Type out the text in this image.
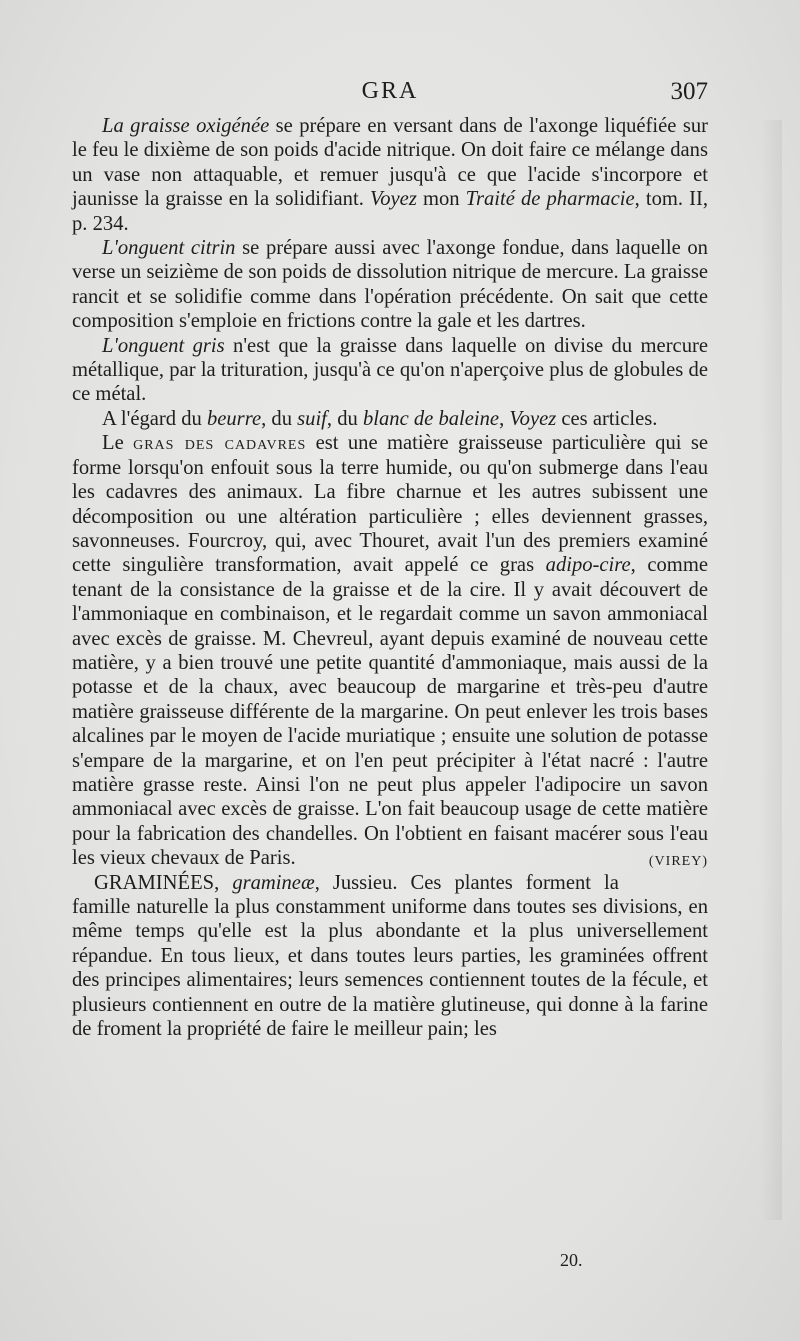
GRA	307

La graisse oxigénée se prépare en versant dans de l'axonge liquéfiée sur le feu le dixième de son poids d'acide nitrique. On doit faire ce mélange dans un vase non attaquable, et remuer jusqu'à ce que l'acide s'incorpore et jaunisse la graisse en la solidifiant. Voyez mon Traité de pharmacie, tom. II, p. 234.

L'onguent citrin se prépare aussi avec l'axonge fondue, dans laquelle on verse un seizième de son poids de dissolution nitrique de mercure. La graisse rancit et se solidifie comme dans l'opération précédente. On sait que cette composition s'emploie en frictions contre la gale et les dartres.

L'onguent gris n'est que la graisse dans laquelle on divise du mercure métallique, par la trituration, jusqu'à ce qu'on n'aperçoive plus de globules de ce métal.

A l'égard du beurre, du suif, du blanc de baleine, Voyez ces articles.

Le gras des cadavres est une matière graisseuse particulière qui se forme lorsqu'on enfouit sous la terre humide, ou qu'on submerge dans l'eau les cadavres des animaux. La fibre charnue et les autres subissent une décomposition ou une altération particulière ; elles deviennent grasses, savonneuses. Fourcroy, qui, avec Thouret, avait l'un des premiers examiné cette singulière transformation, avait appelé ce gras adipo-cire, comme tenant de la consistance de la graisse et de la cire. Il y avait découvert de l'ammoniaque en combinaison, et le regardait comme un savon ammoniacal avec excès de graisse. M. Chevreul, ayant depuis examiné de nouveau cette matière, y a bien trouvé une petite quantité d'ammoniaque, mais aussi de la potasse et de la chaux, avec beaucoup de margarine et très-peu d'autre matière graisseuse différente de la margarine. On peut enlever les trois bases alcalines par le moyen de l'acide muriatique ; ensuite une solution de potasse s'empare de la margarine, et on l'en peut précipiter à l'état nacré : l'autre matière grasse reste. Ainsi l'on ne peut plus appeler l'adipocire un savon ammoniacal avec excès de graisse. L'on fait beaucoup usage de cette matière pour la fabrication des chandelles. On l'obtient en faisant macérer sous l'eau les vieux chevaux de Paris.	(VIREY)

GRAMINÉES, gramineæ, Jussieu. Ces plantes forment la famille naturelle la plus constamment uniforme dans toutes ses divisions, en même temps qu'elle est la plus abondante et la plus universellement répandue. En tous lieux, et dans toutes leurs parties, les graminées offrent des principes alimentaires; leurs semences contiennent toutes de la fécule, et plusieurs contiennent en outre de la matière glutineuse, qui donne à la farine de froment la propriété de faire le meilleur pain; les

20.
